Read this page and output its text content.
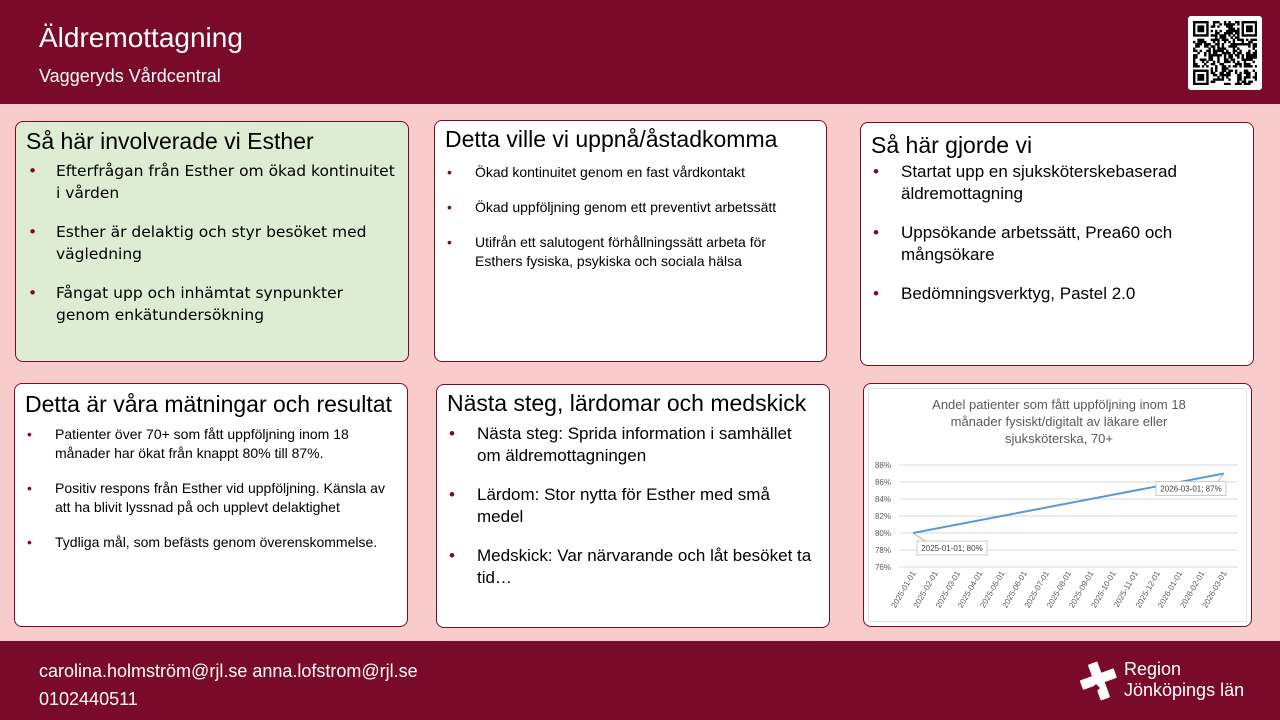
Äldremottagning
Vaggeryds Vårdcentral
Så här involverade vi Esther
• Efterfrågan från Esther om ökad kontinuitet i vården
• Esther är delaktig och styr besöket med vägledning
• Fångat upp och inhämtat synpunkter genom enkätundersökning
Detta ville vi uppnå/åstadkomma
• Ökad kontinuitet genom en fast vårdkontakt
• Ökad uppföljning genom ett preventivt arbetssätt
• Utifrån ett salutogent förhållningssätt arbeta för Esthers fysiska, psykiska och sociala hälsa
Så här gjorde vi
• Startat upp en sjuksköterskebaserad äldremottagning
• Uppsökande arbetssätt, Prea60 och mångsökare
• Bedömningsverktyg, Pastel 2.0
Detta är våra mätningar och resultat
• Patienter över 70+ som fått uppföljning inom 18 månader har ökat från knappt 80% till 87%.
• Positiv respons från Esther vid uppföljning. Känsla av att ha blivit lyssnad på och upplevt delaktighet
• Tydliga mål, som befästs genom överenskommelse.
Nästa steg, lärdomar och medskick
• Nästa steg: Sprida information i samhället om äldremottagningen
• Lärdom: Stor nytta för Esther med små medel
• Medskick: Var närvarande och låt besöket ta tid…
Andel patienter som fått uppföljning inom 18
månader fysiskt/digitalt av läkare eller
sjuksköterska, 70+
76%
78%
80%
82%
84%
86%
88%
2025-01-01
2025-02-01
2025-03-01
2025-04-01
2025-05-01
2025-06-01
2025-07-01
2025-08-01
2025-09-01
2025-10-01
2025-11-01
2025-12-01
2026-01-01
2026-02-01
2026-03-01
2025-01-01; 80%
2026-03-01; 87%
carolina.holmström@rjl.se anna.lofstrom@rjl.se
0102440511
Region
Jönköpings län
